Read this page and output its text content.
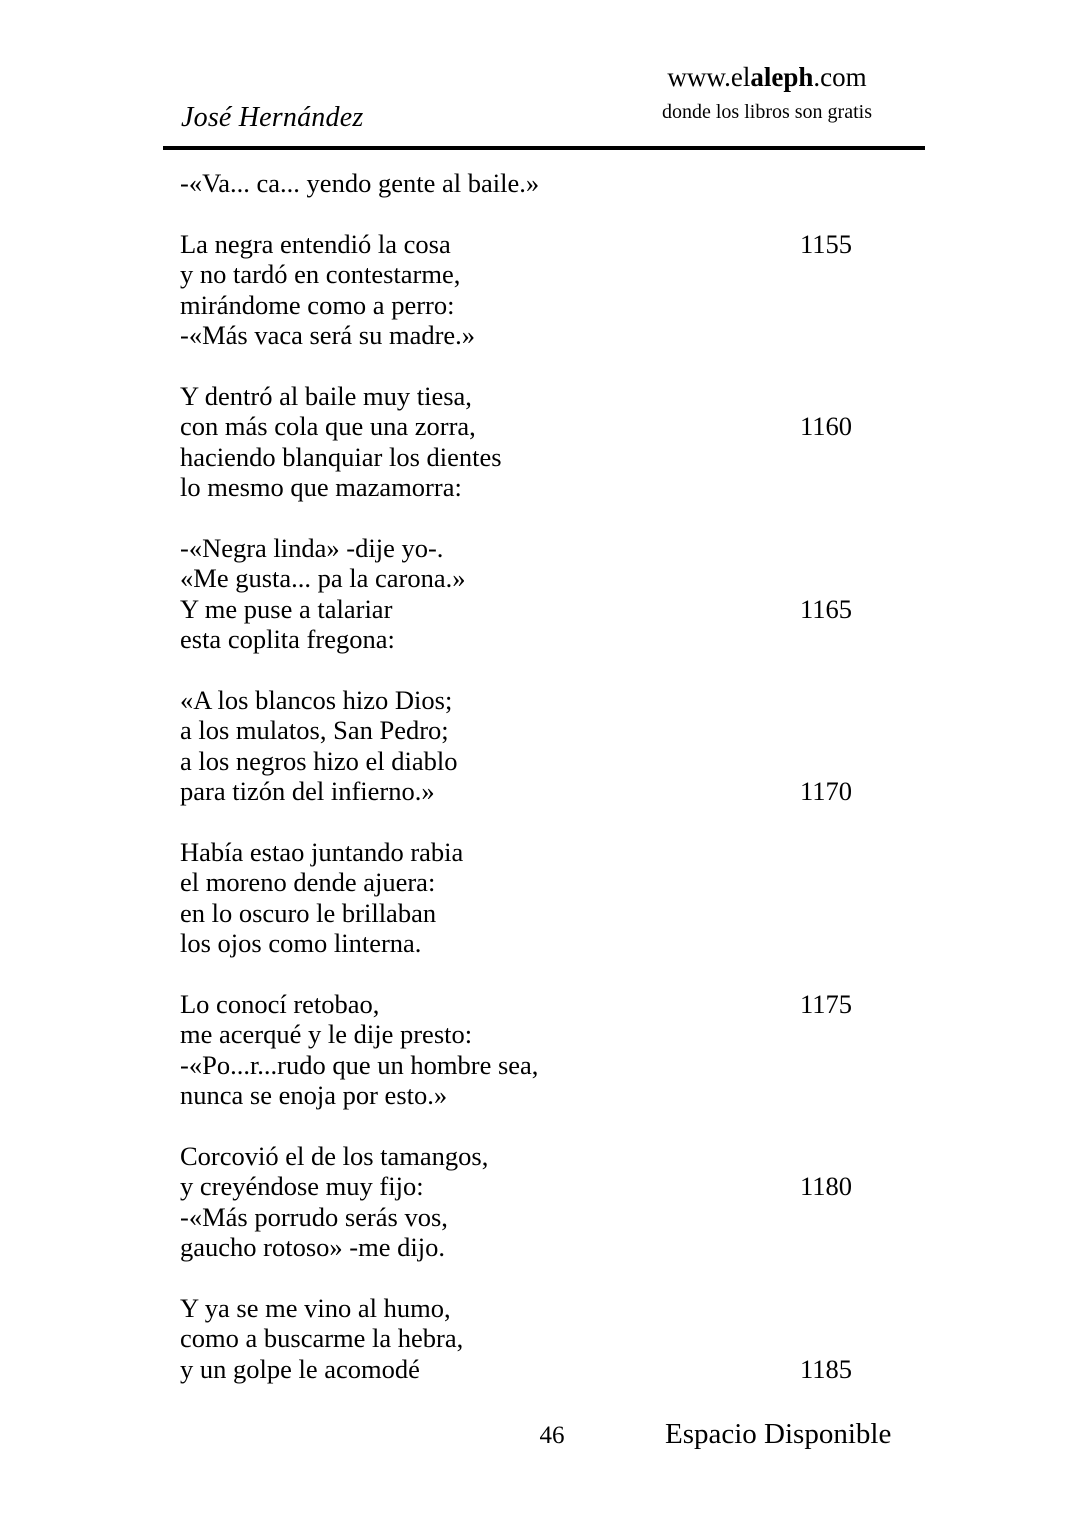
José Hernández
www.elaleph.com
donde los libros son gratis
-«Va... ca... yendo gente al baile.»
La negra entendió la cosa	1155
y no tardó en contestarme,
mirándome como a perro:
-«Más vaca será su madre.»
Y dentró al baile muy tiesa,
con más cola que una zorra,	1160
haciendo blanquiar los dientes
lo mesmo que mazamorra:
-«Negra linda» -dije yo-.
«Me gusta... pa la carona.»
Y me puse a talariar	1165
esta coplita fregona:
«A los blancos hizo Dios;
a los mulatos, San Pedro;
a los negros hizo el diablo
para tizón del infierno.»	1170
Había estao juntando rabia
el moreno dende ajuera:
en lo oscuro le brillaban
los ojos como linterna.
Lo conocí retobao,	1175
me acerqué y le dije presto:
-«Po...r...rudo que un hombre sea,
nunca se enoja por esto.»
Corcovió el de los tamangos,
y creyéndose muy fijo:	1180
-«Más porrudo serás vos,
gaucho rotoso» -me dijo.
Y ya se me vino al humo,
como a buscarme la hebra,
y un golpe le acomodé	1185
46	Espacio Disponible
